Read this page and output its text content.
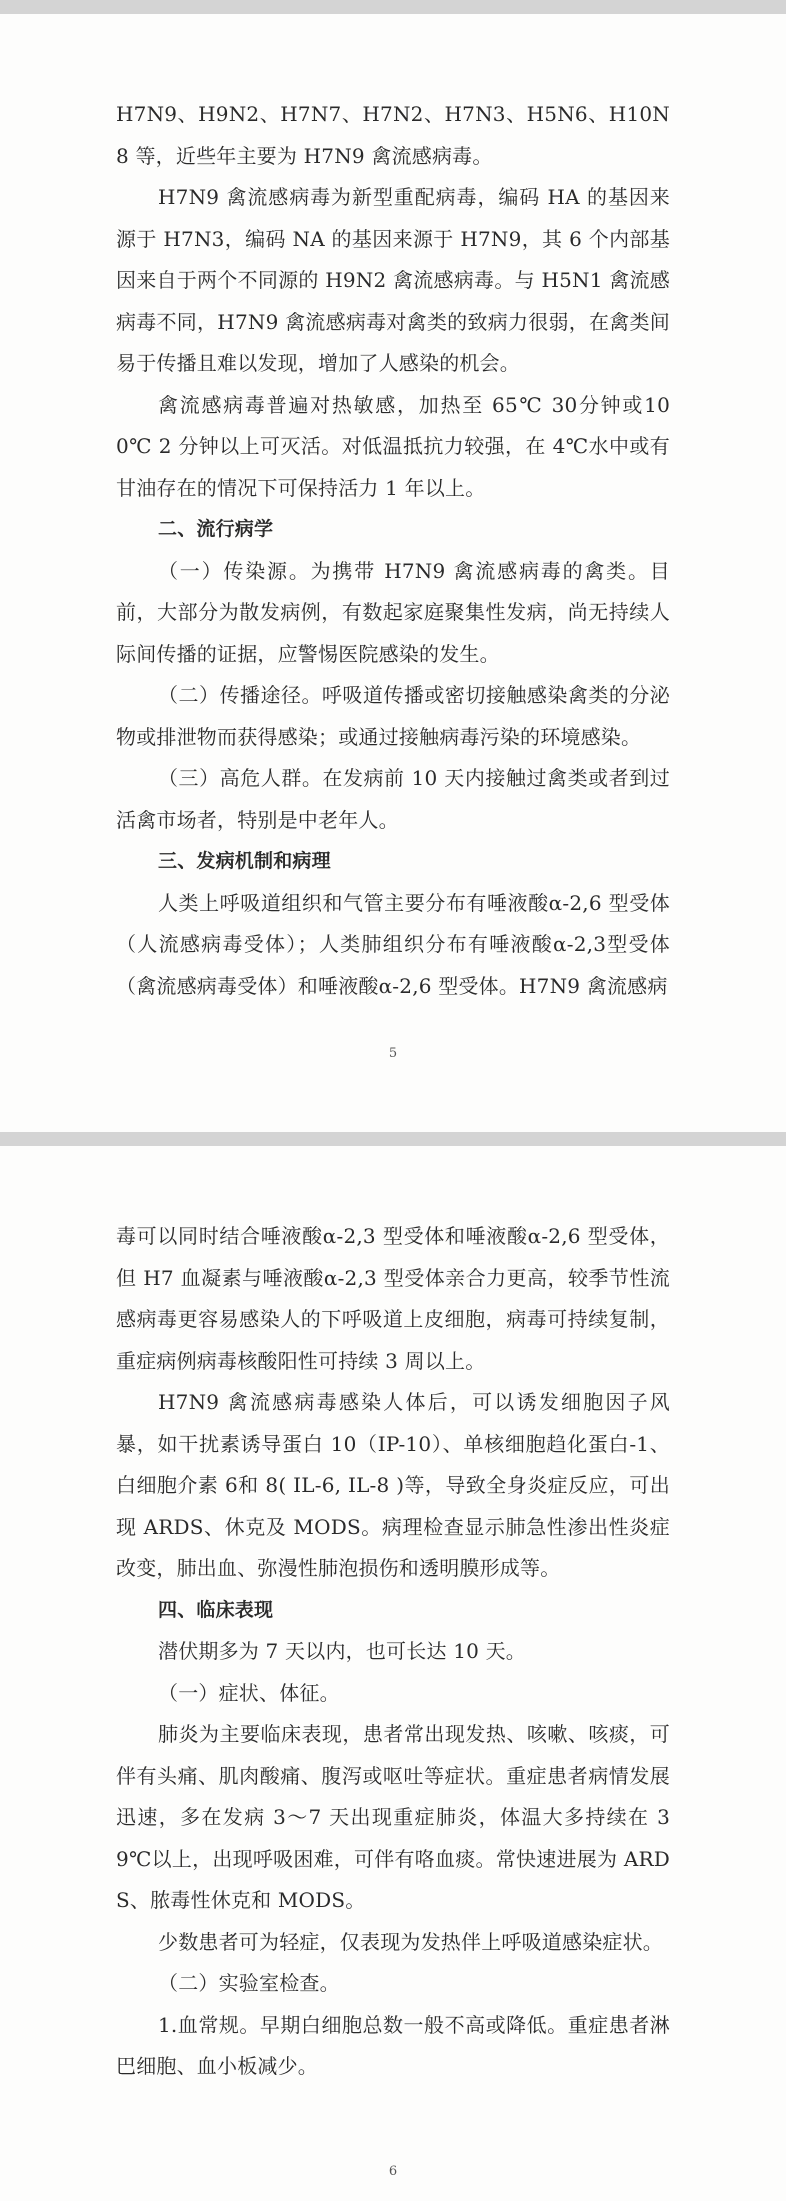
H7N9、H9N2、H7N7、H7N2、H7N3、H5N6、H10N8 等，近些年主要为 H7N9 禽流感病毒。

H7N9 禽流感病毒为新型重配病毒，编码 HA 的基因来源于 H7N3，编码 NA 的基因来源于 H7N9，其 6 个内部基因来自于两个不同源的 H9N2 禽流感病毒。与 H5N1 禽流感病毒不同，H7N9 禽流感病毒对禽类的致病力很弱，在禽类间易于传播且难以发现，增加了人感染的机会。

禽流感病毒普遍对热敏感，加热至 65℃ 30分钟或100℃ 2 分钟以上可灭活。对低温抵抗力较强，在 4℃水中或有甘油存在的情况下可保持活力 1 年以上。

二、流行病学

（一）传染源。为携带 H7N9 禽流感病毒的禽类。目前，大部分为散发病例，有数起家庭聚集性发病，尚无持续人际间传播的证据，应警惕医院感染的发生。

（二）传播途径。呼吸道传播或密切接触感染禽类的分泌物或排泄物而获得感染；或通过接触病毒污染的环境感染。

（三）高危人群。在发病前 10 天内接触过禽类或者到过活禽市场者，特别是中老年人。

三、发病机制和病理

人类上呼吸道组织和气管主要分布有唾液酸α-2,6 型受体（人流感病毒受体）；人类肺组织分布有唾液酸α-2,3型受体（禽流感病毒受体）和唾液酸α-2,6 型受体。H7N9 禽流感病

5

毒可以同时结合唾液酸α-2,3 型受体和唾液酸α-2,6 型受体，但 H7 血凝素与唾液酸α-2,3 型受体亲合力更高，较季节性流感病毒更容易感染人的下呼吸道上皮细胞，病毒可持续复制，重症病例病毒核酸阳性可持续 3 周以上。

H7N9 禽流感病毒感染人体后，可以诱发细胞因子风暴，如干扰素诱导蛋白 10（IP-10）、单核细胞趋化蛋白-1、白细胞介素 6和 8( IL-6, IL-8 )等，导致全身炎症反应，可出现 ARDS、休克及 MODS。病理检查显示肺急性渗出性炎症改变，肺出血、弥漫性肺泡损伤和透明膜形成等。

四、临床表现

潜伏期多为 7 天以内，也可长达 10 天。

（一）症状、体征。

肺炎为主要临床表现，患者常出现发热、咳嗽、咳痰，可伴有头痛、肌肉酸痛、腹泻或呕吐等症状。重症患者病情发展迅速，多在发病 3～7 天出现重症肺炎，体温大多持续在 39℃以上，出现呼吸困难，可伴有咯血痰。常快速进展为 ARDS、脓毒性休克和 MODS。

少数患者可为轻症，仅表现为发热伴上呼吸道感染症状。

（二）实验室检查。

1.血常规。早期白细胞总数一般不高或降低。重症患者淋巴细胞、血小板减少。

6
